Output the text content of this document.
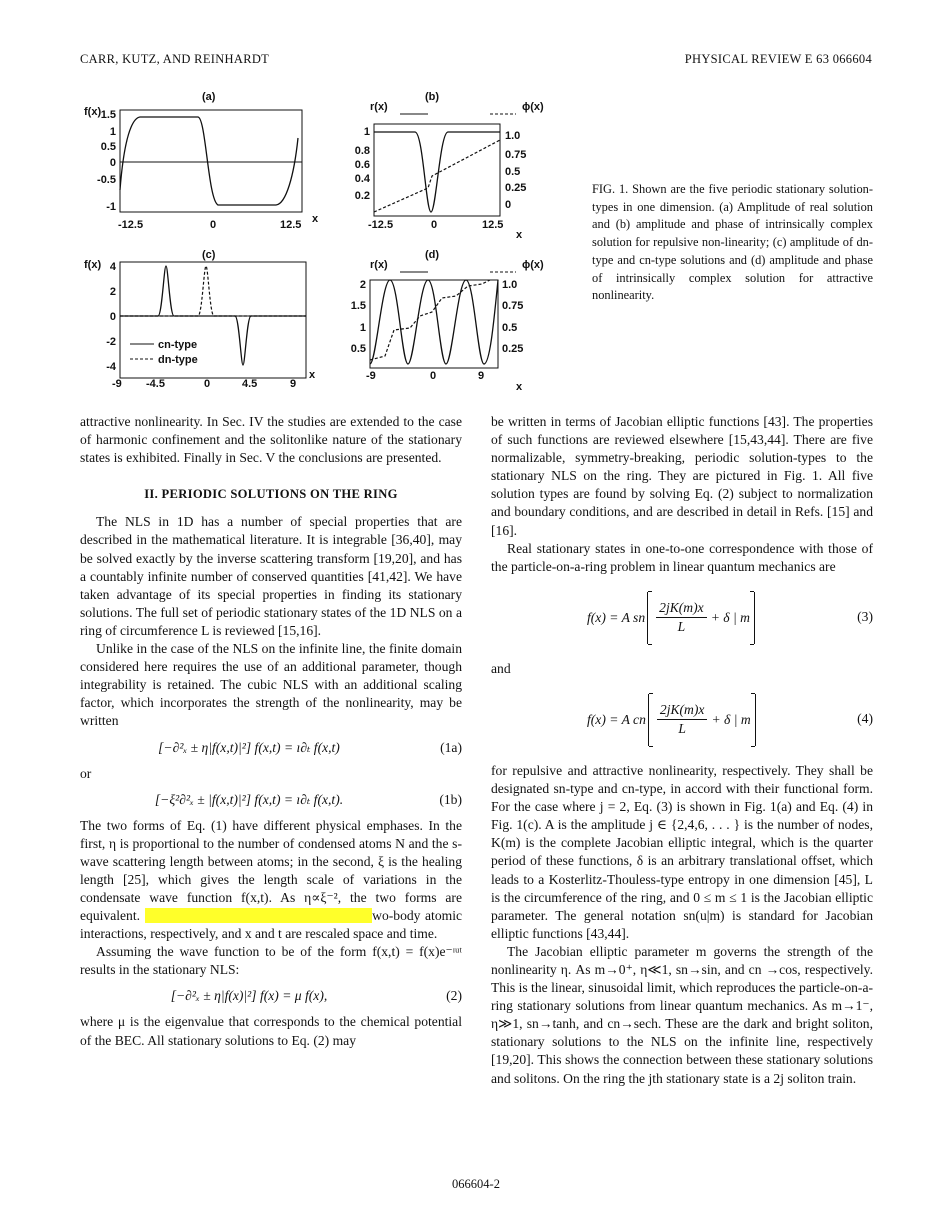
CARR, KUTZ, AND REINHARDT	PHYSICAL REVIEW E 63 066604
(a)
f(x) 1.5
1
0.5
0
-0.5
-1
-12.5	0	12.5 x
(b)
r(x)	ϕ(x)
1
0.8
0.6
0.4
0.2
1.0
0.75
0.5
0.25
0
-12.5	0	12.5
x
(c)
f(x) 4
2
0
-2
-4
-9 -4.5	0	4.5	9
x
cn-type
dn-type
(d)
r(x)	ϕ(x)
2
1.5
1
0.5
1.0
0.75
0.5
0.25
-9	0	9
x
FIG. 1. Shown are the five periodic stationary solution-types in one dimension. (a) Amplitude of real solution and (b) amplitude and phase of intrinsically complex solution for repulsive non-linearity; (c) amplitude of dn-type and cn-type solutions and (d) amplitude and phase of intrinsically complex solution for attractive nonlinearity.

attractive nonlinearity. In Sec. IV the studies are extended to the case of harmonic confinement and the solitonlike nature of the stationary states is exhibited. Finally in Sec. V the conclusions are presented.

II. PERIODIC SOLUTIONS ON THE RING

The NLS in 1D has a number of special properties that are described in the mathematical literature. It is integrable [36,40], may be solved exactly by the inverse scattering transform [19,20], and has a countably infinite number of conserved quantities [41,42]. We have taken advantage of its special properties in finding its stationary solutions. The full set of periodic stationary states of the 1D NLS on a ring of circumference L is reviewed [15,16].

Unlike in the case of the NLS on the infinite line, the finite domain considered here requires the use of an additional parameter, though integrability is retained. The cubic NLS with an additional scaling factor, which incorporates the strength of the nonlinearity, may be written

[−∂²ₓ ± η|f(x,t)|²] f(x,t) = ı∂ₜ f(x,t)	(1a)

or

[−ξ²∂²ₓ ± |f(x,t)|²] f(x,t) = ı∂ₜ f(x,t).	(1b)

The two forms of Eq. (1) have different physical emphases. In the first, η is proportional to the number of condensed atoms N and the s-wave scattering length between atoms; in the second, ξ is the healing length [25], which gives the length scale of variations in the condensate wave function f(x,t). As η∝ξ⁻², the two forms are equivalent.	wo-body atomic interactions, respectively, and x and t are rescaled space and time.

Assuming the wave function to be of the form f(x,t) = f(x)e⁻ᶦᵘᵗ results in the stationary NLS:

[−∂²ₓ ± η|f(x)|²] f(x) = μ f(x),	(2)

where μ is the eigenvalue that corresponds to the chemical potential of the BEC. All stationary solutions to Eq. (2) may

be written in terms of Jacobian elliptic functions [43]. The properties of such functions are reviewed elsewhere [15,43,44]. There are five normalizable, symmetry-breaking, periodic solution-types to the stationary NLS on the ring. They are pictured in Fig. 1. All five solution types are found by solving Eq. (2) subject to normalization and boundary conditions, and are described in detail in Refs. [15] and [16].

Real stationary states in one-to-one correspondence with those of the particle-on-a-ring problem in linear quantum mechanics are

f(x) = A sn $\frac{2jK(m)x}{L} + \delta$ | m	(3)

and

f(x) = A cn $\frac{2jK(m)x}{L} + \delta$ | m	(4)

for repulsive and attractive nonlinearity, respectively. They shall be designated sn-type and cn-type, in accord with their functional form. For the case where j = 2, Eq. (3) is shown in Fig. 1(a) and Eq. (4) in Fig. 1(c). A is the amplitude j ∈ {2,4,6, . . . } is the number of nodes, K(m) is the complete Jacobian elliptic integral, which is the quarter period of these functions, δ is an arbitrary translational offset, which leads to a Kosterlitz-Thouless-type entropy in one dimension [45], L is the circumference of the ring, and 0 ≤ m ≤ 1 is the Jacobian elliptic parameter. The general notation sn(u|m) is standard for Jacobian elliptic functions [43,44].

The Jacobian elliptic parameter m governs the strength of the nonlinearity η. As m→0⁺, η≪1, sn→sin, and cn →cos, respectively. This is the linear, sinusoidal limit, which reproduces the particle-on-a-ring stationary solutions from linear quantum mechanics. As m→1⁻, η≫1, sn→tanh, and cn→sech. These are the dark and bright soliton, stationary solutions to the NLS on the infinite line, respectively [19,20]. This shows the connection between these stationary solutions and solitons. On the ring the jth stationary state is a 2j soliton train.

066604-2
